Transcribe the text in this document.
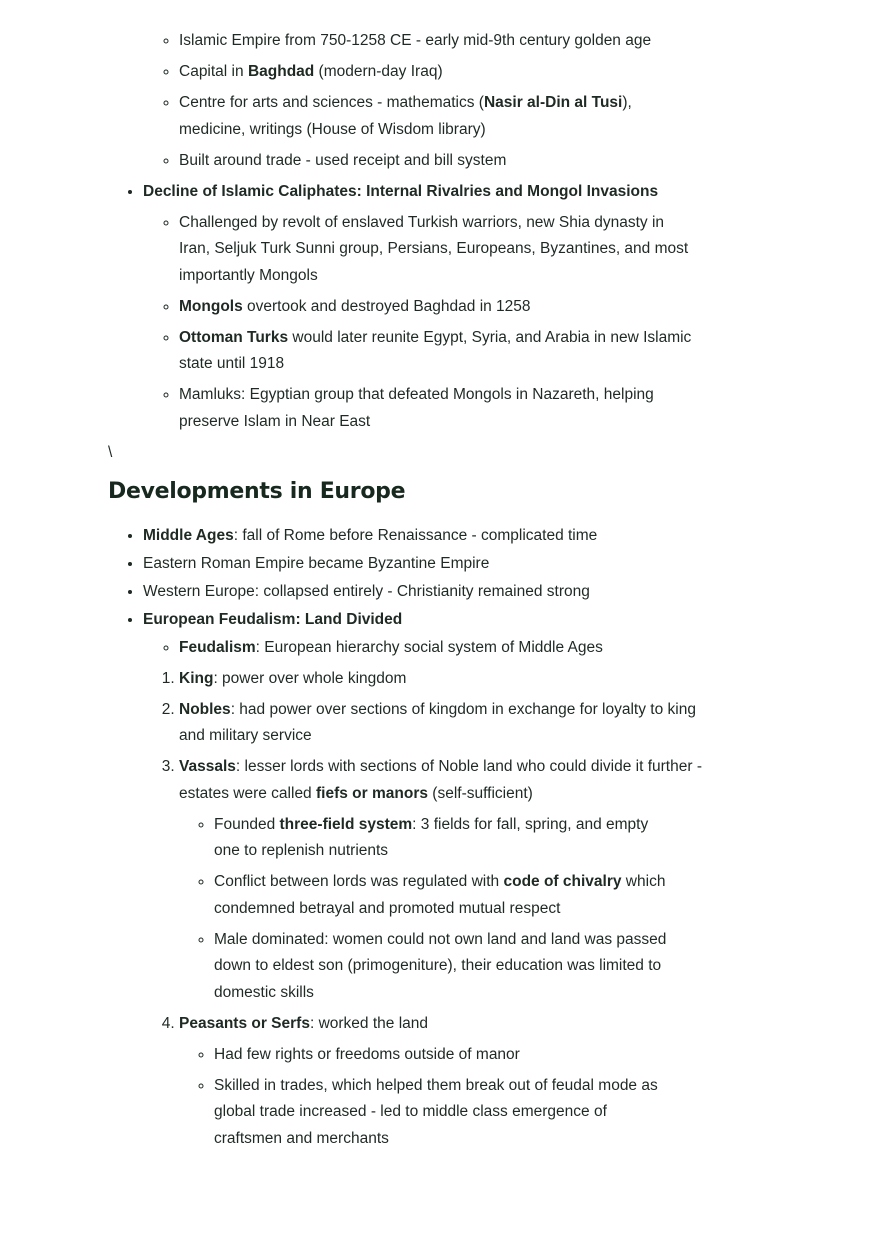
◦ Islamic Empire from 750-1258 CE - early mid-9th century golden age
◦ Capital in Baghdad (modern-day Iraq)
◦ Centre for arts and sciences - mathematics (Nasir al-Din al Tusi), medicine, writings (House of Wisdom library)
◦ Built around trade - used receipt and bill system
• Decline of Islamic Caliphates: Internal Rivalries and Mongol Invasions
◦ Challenged by revolt of enslaved Turkish warriors, new Shia dynasty in Iran, Seljuk Turk Sunni group, Persians, Europeans, Byzantines, and most importantly Mongols
◦ Mongols overtook and destroyed Baghdad in 1258
◦ Ottoman Turks would later reunite Egypt, Syria, and Arabia in new Islamic state until 1918
◦ Mamluks: Egyptian group that defeated Mongols in Nazareth, helping preserve Islam in Near East
\
Developments in Europe
• Middle Ages: fall of Rome before Renaissance - complicated time
• Eastern Roman Empire became Byzantine Empire
• Western Europe: collapsed entirely - Christianity remained strong
• European Feudalism: Land Divided
◦ Feudalism: European hierarchy social system of Middle Ages
1. King: power over whole kingdom
2. Nobles: had power over sections of kingdom in exchange for loyalty to king and military service
3. Vassals: lesser lords with sections of Noble land who could divide it further - estates were called fiefs or manors (self-sufficient)
◦ Founded three-field system: 3 fields for fall, spring, and empty one to replenish nutrients
◦ Conflict between lords was regulated with code of chivalry which condemned betrayal and promoted mutual respect
◦ Male dominated: women could not own land and land was passed down to eldest son (primogeniture), their education was limited to domestic skills
4. Peasants or Serfs: worked the land
◦ Had few rights or freedoms outside of manor
◦ Skilled in trades, which helped them break out of feudal mode as global trade increased - led to middle class emergence of craftsmen and merchants
